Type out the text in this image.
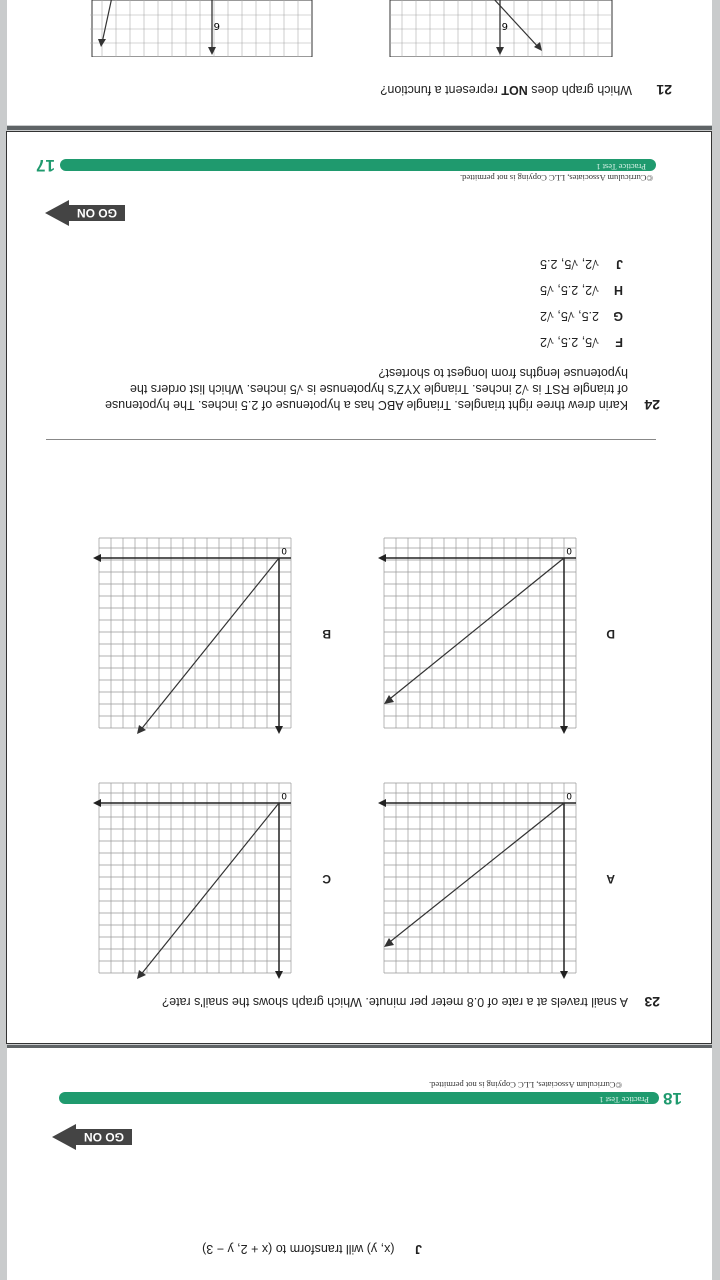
J (x, y) will transform to (x + 2, y − 3)
GO ON
18
Practice Test 1
©Curriculum Associates, LLC Copying is not permitted.
23
A snail travels at a rate of 0.8 meter per minute. Which graph shows the snail's rate?
A
0
C
0
D
0
B
0
24
Karin drew three right triangles. Triangle ABC has a hypotenuse of 2.5 inches. The hypotenuse
of triangle RST is √2 inches. Triangle XYZ's hypotenuse is √5 inches. Which list orders the
hypotenuse lengths from longest to shortest?
F√5, 2.5, √2
G2.5, √5, √2
H√2, 2.5, √5
J√2, √5, 2.5
GO ON
©Curriculum Associates, LLC Copying is not permitted.
Practice Test 1
17
21
Which graph does NOT represent a function?
6
6
